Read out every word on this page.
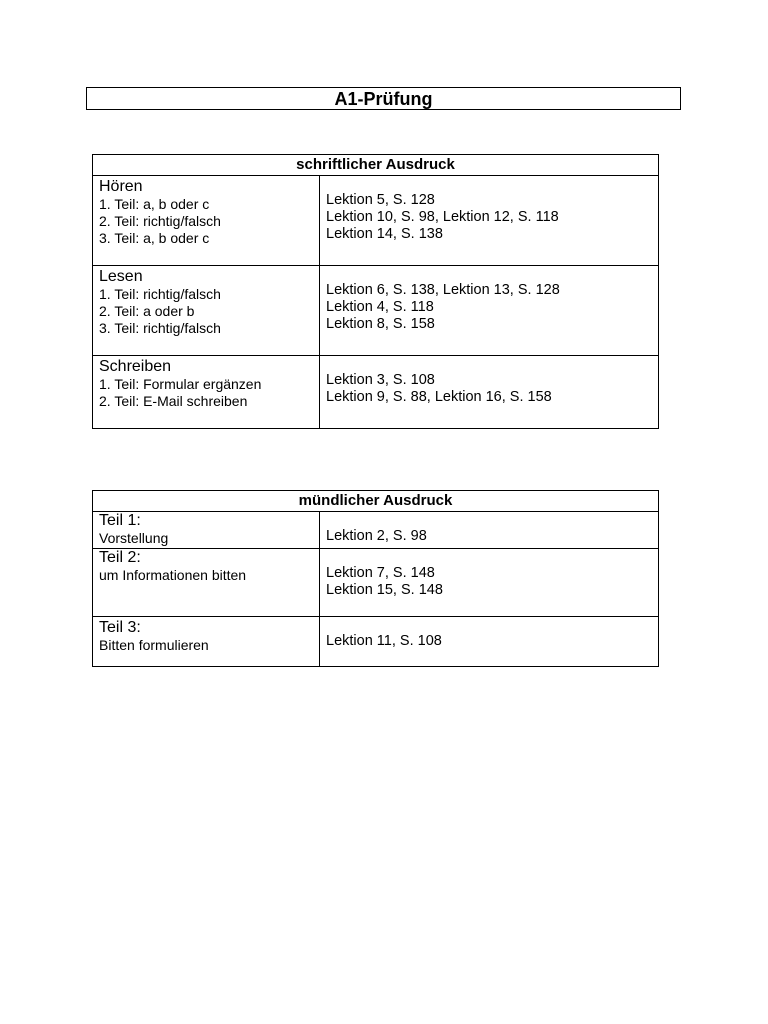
A1-Prüfung
schriftlicher Ausdruck	

Hören
1. Teil: a, b oder c
2. Teil: richtig/falsch
3. Teil: a, b oder c	Lektion 5, S. 128
Lektion 10, S. 98, Lektion 12, S. 118
Lektion 14, S. 138

Lesen
1. Teil: richtig/falsch
2. Teil: a oder b
3. Teil: richtig/falsch	Lektion 6, S. 138, Lektion 13, S. 128
Lektion 4, S. 118
Lektion 8, S. 158

Schreiben
1. Teil: Formular ergänzen
2. Teil: E-Mail schreiben	Lektion 3, S. 108
Lektion 9, S. 88, Lektion 16, S. 158
mündlicher Ausdruck	

Teil 1:
Vorstellung	Lektion 2, S. 98

Teil 2:
um Informationen bitten	Lektion 7, S. 148
Lektion 15, S. 148

Teil 3:
Bitten formulieren	Lektion 11, S. 108
